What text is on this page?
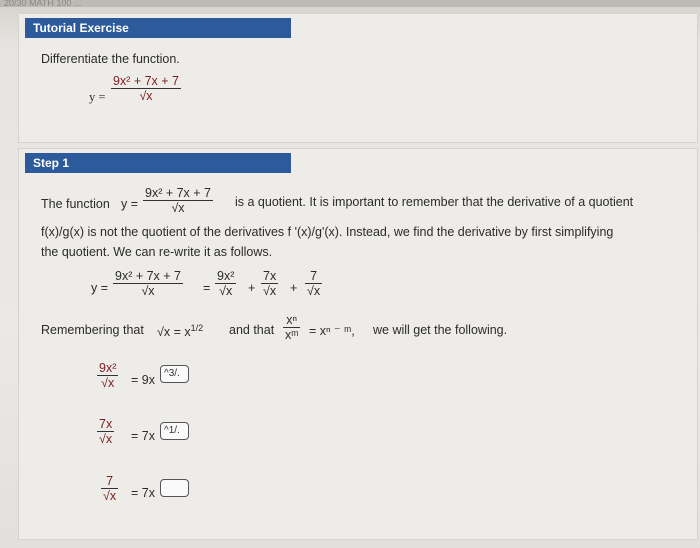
20/30 MATH 100 ...
Tutorial Exercise
Differentiate the function.
$y = \frac{\text{9x² + 7x + 7}}{√x}$
Step 1
The function $y = \frac{\text{9x² + 7x + 7}}{√x}$ is a quotient. It is important to remember that the derivative of a quotient
f(x)/g(x) is not the quotient of the derivatives f '(x)/g'(x). Instead, we find the derivative by first simplifying
the quotient. We can re-write it as follows.
$y = \frac{\text{9x² + 7x + 7}}{√x} = \frac{\text{9x²}}{√x} + \frac{7x}{√x} + \frac{7}{√x}$
Remembering that $√x = x^{1/2}$ and that $\frac{\text{xⁿ}}{\text{xᵐ}} = x^n$ ⁻ ᵐ, we will get the following.
$\frac{\text{9x²}}{√x} = 9x$ ^3/.
$\frac{7x}{√x} = 7x$ ^1/.
$\frac{7}{√x} = 7x$
